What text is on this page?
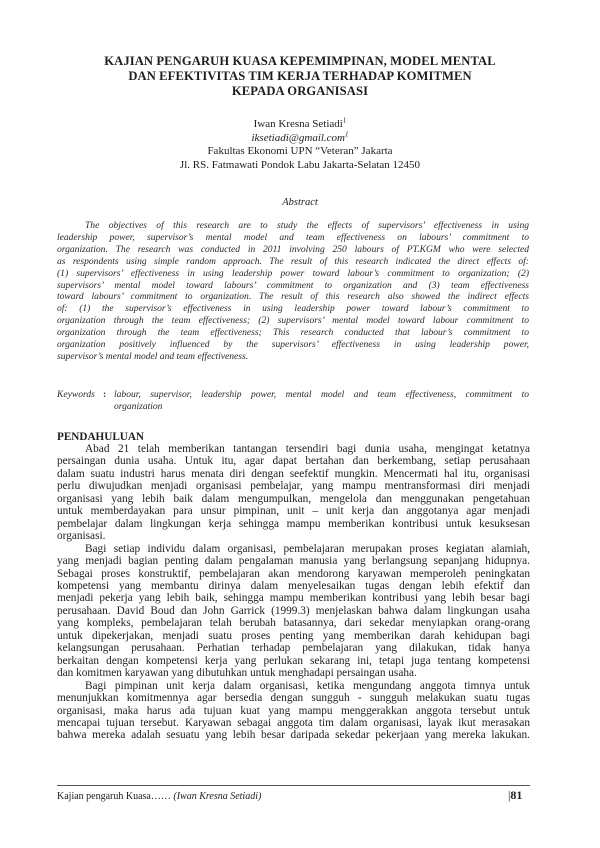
KAJIAN PENGARUH KUASA KEPEMIMPINAN, MODEL MENTAL
DAN EFEKTIVITAS TIM KERJA TERHADAP KOMITMEN
KEPADA ORGANISASI
Iwan Kresna Setiadi$^1$
iksetiadi@gmail.com$^1$
Fakultas Ekonomi UPN “Veteran” Jakarta
Jl. RS. Fatmawati Pondok Labu Jakarta-Selatan 12450
Abstract
The objectives of this research are to study the effects of supervisors’ effectiveness in using
leadership power, supervisor’s mental model and team effectiveness on labours’ commitment to
organization. The research was conducted in 2011 involving 250 labours of PT.KGM who were selected
as respondents using simple random approach. The result of this research indicated the direct effects of:
(1) supervisors’ effectiveness in using leadership power toward labour’s commitment to organization; (2)
supervisors’ mental model toward labours’ commitment to organization and (3) team effectiveness
toward labours’ commitment to organization. The result of this research also showed the indirect effects
of: (1) the supervisor’s effectiveness in using leadership power toward labour’s commitment to
organization through the team effectiveness; (2) supervisors’ mental model toward labour commitment to
organization through the team effectiveness; This research conducted that labour’s commitment to
organization positively influenced by the supervisors’ effectiveness in using leadership power,
supervisor’s mental model and team effectiveness.
Keywords : labour, supervisor, leadership power, mental model and team effectiveness, commitment to
organization
PENDAHULUAN
Abad 21 telah memberikan tantangan tersendiri bagi dunia usaha, mengingat ketatnya
persaingan dunia usaha. Untuk itu, agar dapat bertahan dan berkembang, setiap perusahaan
dalam suatu industri harus menata diri dengan seefektif mungkin. Mencermati hal itu, organisasi
perlu diwujudkan menjadi organisasi pembelajar, yang mampu mentransformasi diri menjadi
organisasi yang lebih baik dalam mengumpulkan, mengelola dan menggunakan pengetahuan
untuk memberdayakan para unsur pimpinan, unit – unit kerja dan anggotanya agar menjadi
pembelajar dalam lingkungan kerja sehingga mampu memberikan kontribusi untuk kesuksesan
organisasi.
Bagi setiap individu dalam organisasi, pembelajaran merupakan proses kegiatan alamiah,
yang menjadi bagian penting dalam pengalaman manusia yang berlangsung sepanjang hidupnya.
Sebagai proses konstruktif, pembelajaran akan mendorong karyawan memperoleh peningkatan
kompetensi yang membantu dirinya dalam menyelesaikan tugas dengan lebih efektif dan
menjadi pekerja yang lebih baik, sehingga mampu memberikan kontribusi yang lebih besar bagi
perusahaan. David Boud dan John Garrick (1999.3) menjelaskan bahwa dalam lingkungan usaha
yang kompleks, pembelajaran telah berubah batasannya, dari sekedar menyiapkan orang-orang
untuk dipekerjakan, menjadi suatu proses penting yang memberikan darah kehidupan bagi
kelangsungan perusahaan. Perhatian terhadap pembelajaran yang dilakukan, tidak hanya
berkaitan dengan kompetensi kerja yang perlukan sekarang ini, tetapi juga tentang kompetensi
dan komitmen karyawan yang dibutuhkan untuk menghadapi persaingan usaha.
Bagi pimpinan unit kerja dalam organisasi, ketika mengundang anggota timnya untuk
menunjukkan komitmennya agar bersedia dengan sungguh - sungguh melakukan suatu tugas
organisasi, maka harus ada tujuan kuat yang mampu menggerakkan anggota tersebut untuk
mencapai tujuan tersebut. Karyawan sebagai anggota tim dalam organisasi, layak ikut merasakan
bahwa mereka adalah sesuatu yang lebih besar daripada sekedar pekerjaan yang mereka lakukan.
Kajian pengaruh Kuasa…… (Iwan Kresna Setiadi)	|81
